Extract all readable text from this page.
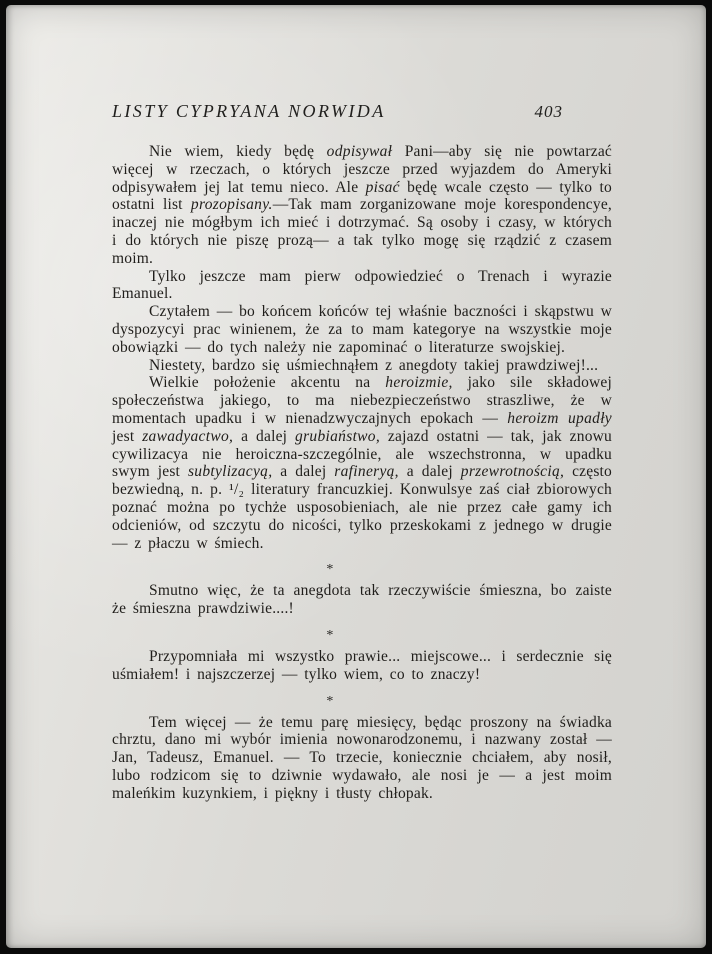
LISTY CYPRYANA NORWIDA	403

Nie wiem, kiedy będę odpisywał Pani—aby się nie powtarzać więcej w rzeczach, o których jeszcze przed wyjazdem do Ameryki odpisywałem jej lat temu nieco. Ale pisać będę wcale często — tylko to ostatni list prozopisany.—Tak mam zorganizowane moje korespondencye, inaczej nie mógłbym ich mieć i dotrzymać. Są osoby i czasy, w których i do których nie piszę prozą— a tak tylko mogę się rządzić z czasem moim.

Tylko jeszcze mam pierw odpowiedzieć o Trenach i wyrazie Emanuel.

Czytałem — bo końcem końców tej właśnie baczności i skąpstwu w dyspozycyi prac winienem, że za to mam kategorye na wszystkie moje obowiązki — do tych należy nie zapominać o literaturze swojskiej.

Niestety, bardzo się uśmiechnąłem z anegdoty takiej prawdziwej!...

Wielkie położenie akcentu na heroizmie, jako sile składowej społeczeństwa jakiego, to ma niebezpieczeństwo straszliwe, że w momentach upadku i w nienadzwyczajnych epokach — heroizm upadły jest zawadyactwo, a dalej grubiaństwo, zajazd ostatni — tak, jak znowu cywilizacya nie heroiczna-szczególnie, ale wszechstronna, w upadku swym jest subtylizacyą, a dalej rafineryą, a dalej przewrotnością, często bezwiedną, n. p. ¹/₂ literatury francuzkiej. Konwulsye zaś ciał zbiorowych poznać można po tychże usposobieniach, ale nie przez całe gamy ich odcieniów, od szczytu do nicości, tylko przeskokami z jednego w drugie — z płaczu w śmiech.

*

Smutno więc, że ta anegdota tak rzeczywiście śmieszna, bo zaiste że śmieszna prawdziwie....!

*

Przypomniała mi wszystko prawie... miejscowe... i serdecznie się uśmiałem! i najszczerzej — tylko wiem, co to znaczy!

*

Tem więcej — że temu parę miesięcy, będąc proszony na świadka chrztu, dano mi wybór imienia nowonarodzonemu, i nazwany został — Jan, Tadeusz, Emanuel. — To trzecie, koniecznie chciałem, aby nosił, lubo rodzicom się to dziwnie wydawało, ale nosi je — a jest moim maleńkim kuzynkiem, i piękny i tłusty chłopak.
